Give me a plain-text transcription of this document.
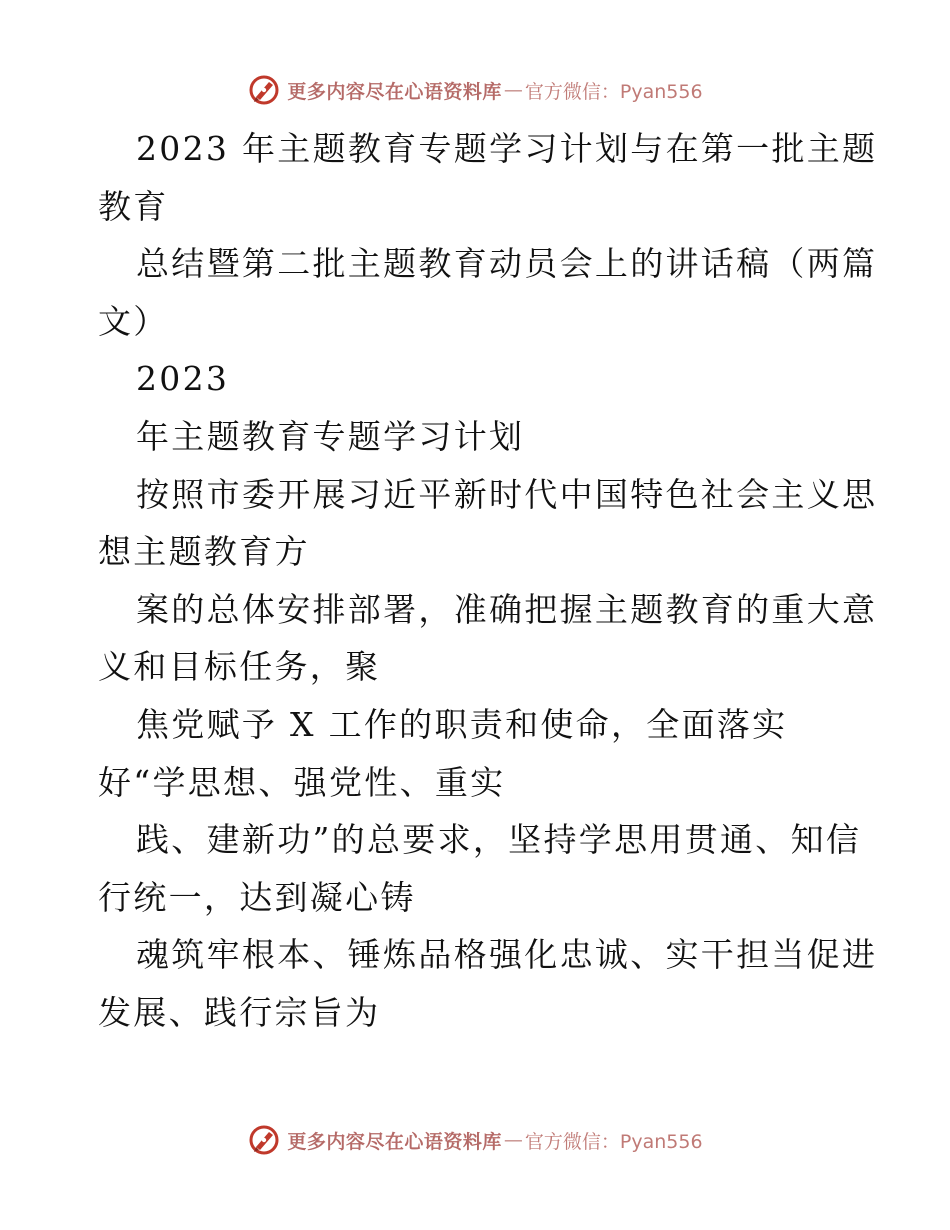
更多内容尽在心语资料库 — 官方微信：Pyan556
2023 年主题教育专题学习计划与在第一批主题
教育
总结暨第二批主题教育动员会上的讲话稿（两篇
文）
2023
年主题教育专题学习计划
按照市委开展习近平新时代中国特色社会主义思
想主题教育方
案的总体安排部署，准确把握主题教育的重大意
义和目标任务，聚
焦党赋予 X 工作的职责和使命，全面落实
好“学思想、强党性、重实
践、建新功”的总要求，坚持学思用贯通、知信
行统一，达到凝心铸
魂筑牢根本、锤炼品格强化忠诚、实干担当促进
发展、践行宗旨为
更多内容尽在心语资料库 — 官方微信：Pyan556
